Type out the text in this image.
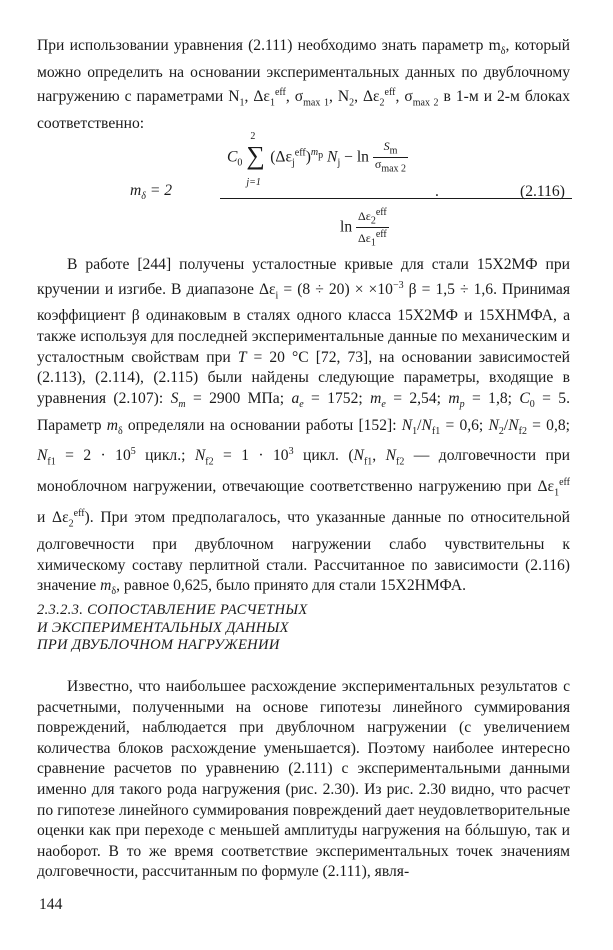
При использовании уравнения (2.111) необходимо знать параметр $m_\delta$, который можно определить на основании экспериментальных данных по двублочному нагружению с параметрами $N_1$, $\Delta\varepsilon_1^{eff}$, $\sigma_{max 1}$, $N_2$, $\Delta\varepsilon_2^{eff}$, $\sigma_{max 2}$ в 1-м и 2-м блоках соответственно:

$m_\delta = 2$
$C_0$ ∑
2
j=1
$(\Delta\varepsilon_j^{eff})^{m_p}$ $N_j - \ln \frac{S_m}{\sigma_{max 2}}$
$\ln \frac{\Delta\varepsilon_2^{eff}}{\Delta\varepsilon_1^{eff}}$
.	(2.116)

В работе [244] получены усталостные кривые для стали 15Х2МФ при кручении и изгибе. В диапазоне $\Delta\varepsilon_i = (8 \div 20) \times \times 10^{-3}$ β = 1,5 ÷ 1,6. Принимая коэффициент β одинаковым в сталях одного класса 15Х2МФ и 15ХНМФА, а также используя для последней экспериментальные данные по механическим и усталостным свойствам при T = 20 °С [72, 73], на основании зависимостей (2.113), (2.114), (2.115) были найдены следующие параметры, входящие в уравнения (2.107): $S_m = 2900$ МПа; $a_e = 1752$; $m_e = 2,54$; $m_p = 1,8$; $C_0 = 5$. Параметр $m_\delta$ определяли на основании работы [152]: $N_1/N_{f1} = 0,6$; $N_2/N_{f2} = 0,8$; $N_{f1} = 2 \cdot 10^5$ цикл.; $N_{f2} = 1 \cdot 10^3$ цикл. ($N_{f1}$, $N_{f2}$ — долговечности при моноблочном нагружении, отвечающие соответственно нагружению при $\Delta\varepsilon_1^{eff}$ и $\Delta\varepsilon_2^{eff}$). При этом предполагалось, что указанные данные по относительной долговечности при двублочном нагружении слабо чувствительны к химическому составу перлитной стали. Рассчитанное по зависимости (2.116) значение $m_\delta$, равное 0,625, было принято для стали 15Х2НМФА.

2.3.2.3. СОПОСТАВЛЕНИЕ РАСЧЕТНЫХ
И ЭКСПЕРИМЕНТАЛЬНЫХ ДАННЫХ
ПРИ ДВУБЛОЧНОМ НАГРУЖЕНИИ

Известно, что наибольшее расхождение экспериментальных результатов с расчетными, полученными на основе гипотезы линейного суммирования повреждений, наблюдается при двублочном нагружении (с увеличением количества блоков расхождение уменьшается). Поэтому наиболее интересно сравнение расчетов по уравнению (2.111) с экспериментальными данными именно для такого рода нагружения (рис. 2.30). Из рис. 2.30 видно, что расчет по гипотезе линейного суммирования повреждений дает неудовлетворительные оценки как при переходе с меньшей амплитуды нагружения на бóльшую, так и наоборот. В то же время соответствие экспериментальных точек значениям долговечности, рассчитанным по формуле (2.111), явля-

144
